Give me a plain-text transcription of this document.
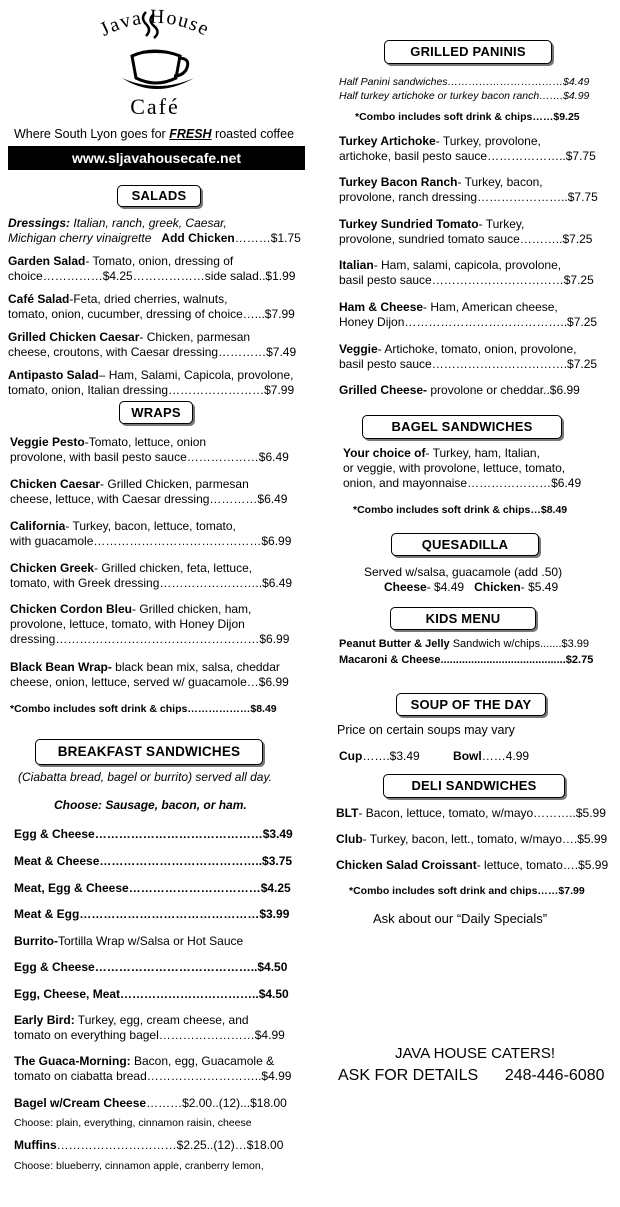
Java House
Café
Where South Lyon goes for FRESH roasted coffee
www.sljavahousecafe.net
SALADS
Dressings: Italian, ranch, greek, Caesar,
Michigan cherry vinaigrette Add Chicken………$1.75
Garden Salad- Tomato, onion, dressing of
choice……………$4.25………………side salad..$1.99
Café Salad-Feta, dried cherries, walnuts,
tomato, onion, cucumber, dressing of choice…...$7.99
Grilled Chicken Caesar- Chicken, parmesan
cheese, croutons, with Caesar dressing…………$7.49
Antipasto Salad– Ham, Salami, Capicola, provolone,
tomato, onion, Italian dressing……………………$7.99
WRAPS
Veggie Pesto-Tomato, lettuce, onion
provolone, with basil pesto sauce………………$6.49
Chicken Caesar- Grilled Chicken, parmesan
cheese, lettuce, with Caesar dressing…………$6.49
California- Turkey, bacon, lettuce, tomato,
with guacamole……………………………………$6.99
Chicken Greek- Grilled chicken, feta, lettuce,
tomato, with Greek dressing……………………..$6.49
Chicken Cordon Bleu- Grilled chicken, ham,
provolone, lettuce, tomato, with Honey Dijon
dressing……………………………………………$6.99
Black Bean Wrap- black bean mix, salsa, cheddar
cheese, onion, lettuce, served w/ guacamole…$6.99
*Combo includes soft drink & chips………………$8.49
BREAKFAST SANDWICHES
(Ciabatta bread, bagel or burrito) served all day.
Choose: Sausage, bacon, or ham.
Egg & Cheese……………………………………$3.49
Meat & Cheese…………………………………..$3.75
Meat, Egg & Cheese……………………………$4.25
Meat & Egg………………………………………$3.99
Burrito-Tortilla Wrap w/Salsa or Hot Sauce
Egg & Cheese…………………………………..$4.50
Egg, Cheese, Meat……………………………..$4.50
Early Bird: Turkey, egg, cream cheese, and
tomato on everything bagel……………………$4.99
The Guaca-Morning: Bacon, egg, Guacamole &
tomato on ciabatta bread………………………..$4.99
Bagel w/Cream Cheese………$2.00..(12)...$18.00
Choose: plain, everything, cinnamon raisin, cheese
Muffins…………………………$2.25..(12)…$18.00
Choose: blueberry, cinnamon apple, cranberry lemon,
GRILLED PANINIS
Half Panini sandwiches……………………………$4.49
Half turkey artichoke or turkey bacon ranch…….$4.99
*Combo includes soft drink & chips……$9.25
Turkey Artichoke- Turkey, provolone,
artichoke, basil pesto sauce………………..$7.75
Turkey Bacon Ranch- Turkey, bacon,
provolone, ranch dressing…………………..$7.75
Turkey Sundried Tomato- Turkey,
provolone, sundried tomato sauce………..$7.25
Italian- Ham, salami, capicola, provolone,
basil pesto sauce……………………………$7.25
Ham & Cheese- Ham, American cheese,
Honey Dijon…………………………………..$7.25
Veggie- Artichoke, tomato, onion, provolone,
basil pesto sauce…………………………….$7.25
Grilled Cheese- provolone or cheddar..$6.99
BAGEL SANDWICHES
Your choice of- Turkey, ham, Italian,
or veggie, with provolone, lettuce, tomato,
onion, and mayonnaise…………………$6.49
*Combo includes soft drink & chips…$8.49
QUESADILLA
Served w/salsa, guacamole (add .50)
Cheese- $4.49 Chicken- $5.49
KIDS MENU
Peanut Butter & Jelly Sandwich w/chips.......$3.99
Macaroni & Cheese.........................................$2.75
SOUP OF THE DAY
Price on certain soups may vary
Cup…….$3.49	Bowl……4.99
DELI SANDWICHES
BLT- Bacon, lettuce, tomato, w/mayo………..$5.99
Club- Turkey, bacon, lett., tomato, w/mayo….$5.99
Chicken Salad Croissant- lettuce, tomato….$5.99
*Combo includes soft drink and chips……$7.99
Ask about our “Daily Specials”
JAVA HOUSE CATERS!
ASK FOR DETAILS 248-446-6080
